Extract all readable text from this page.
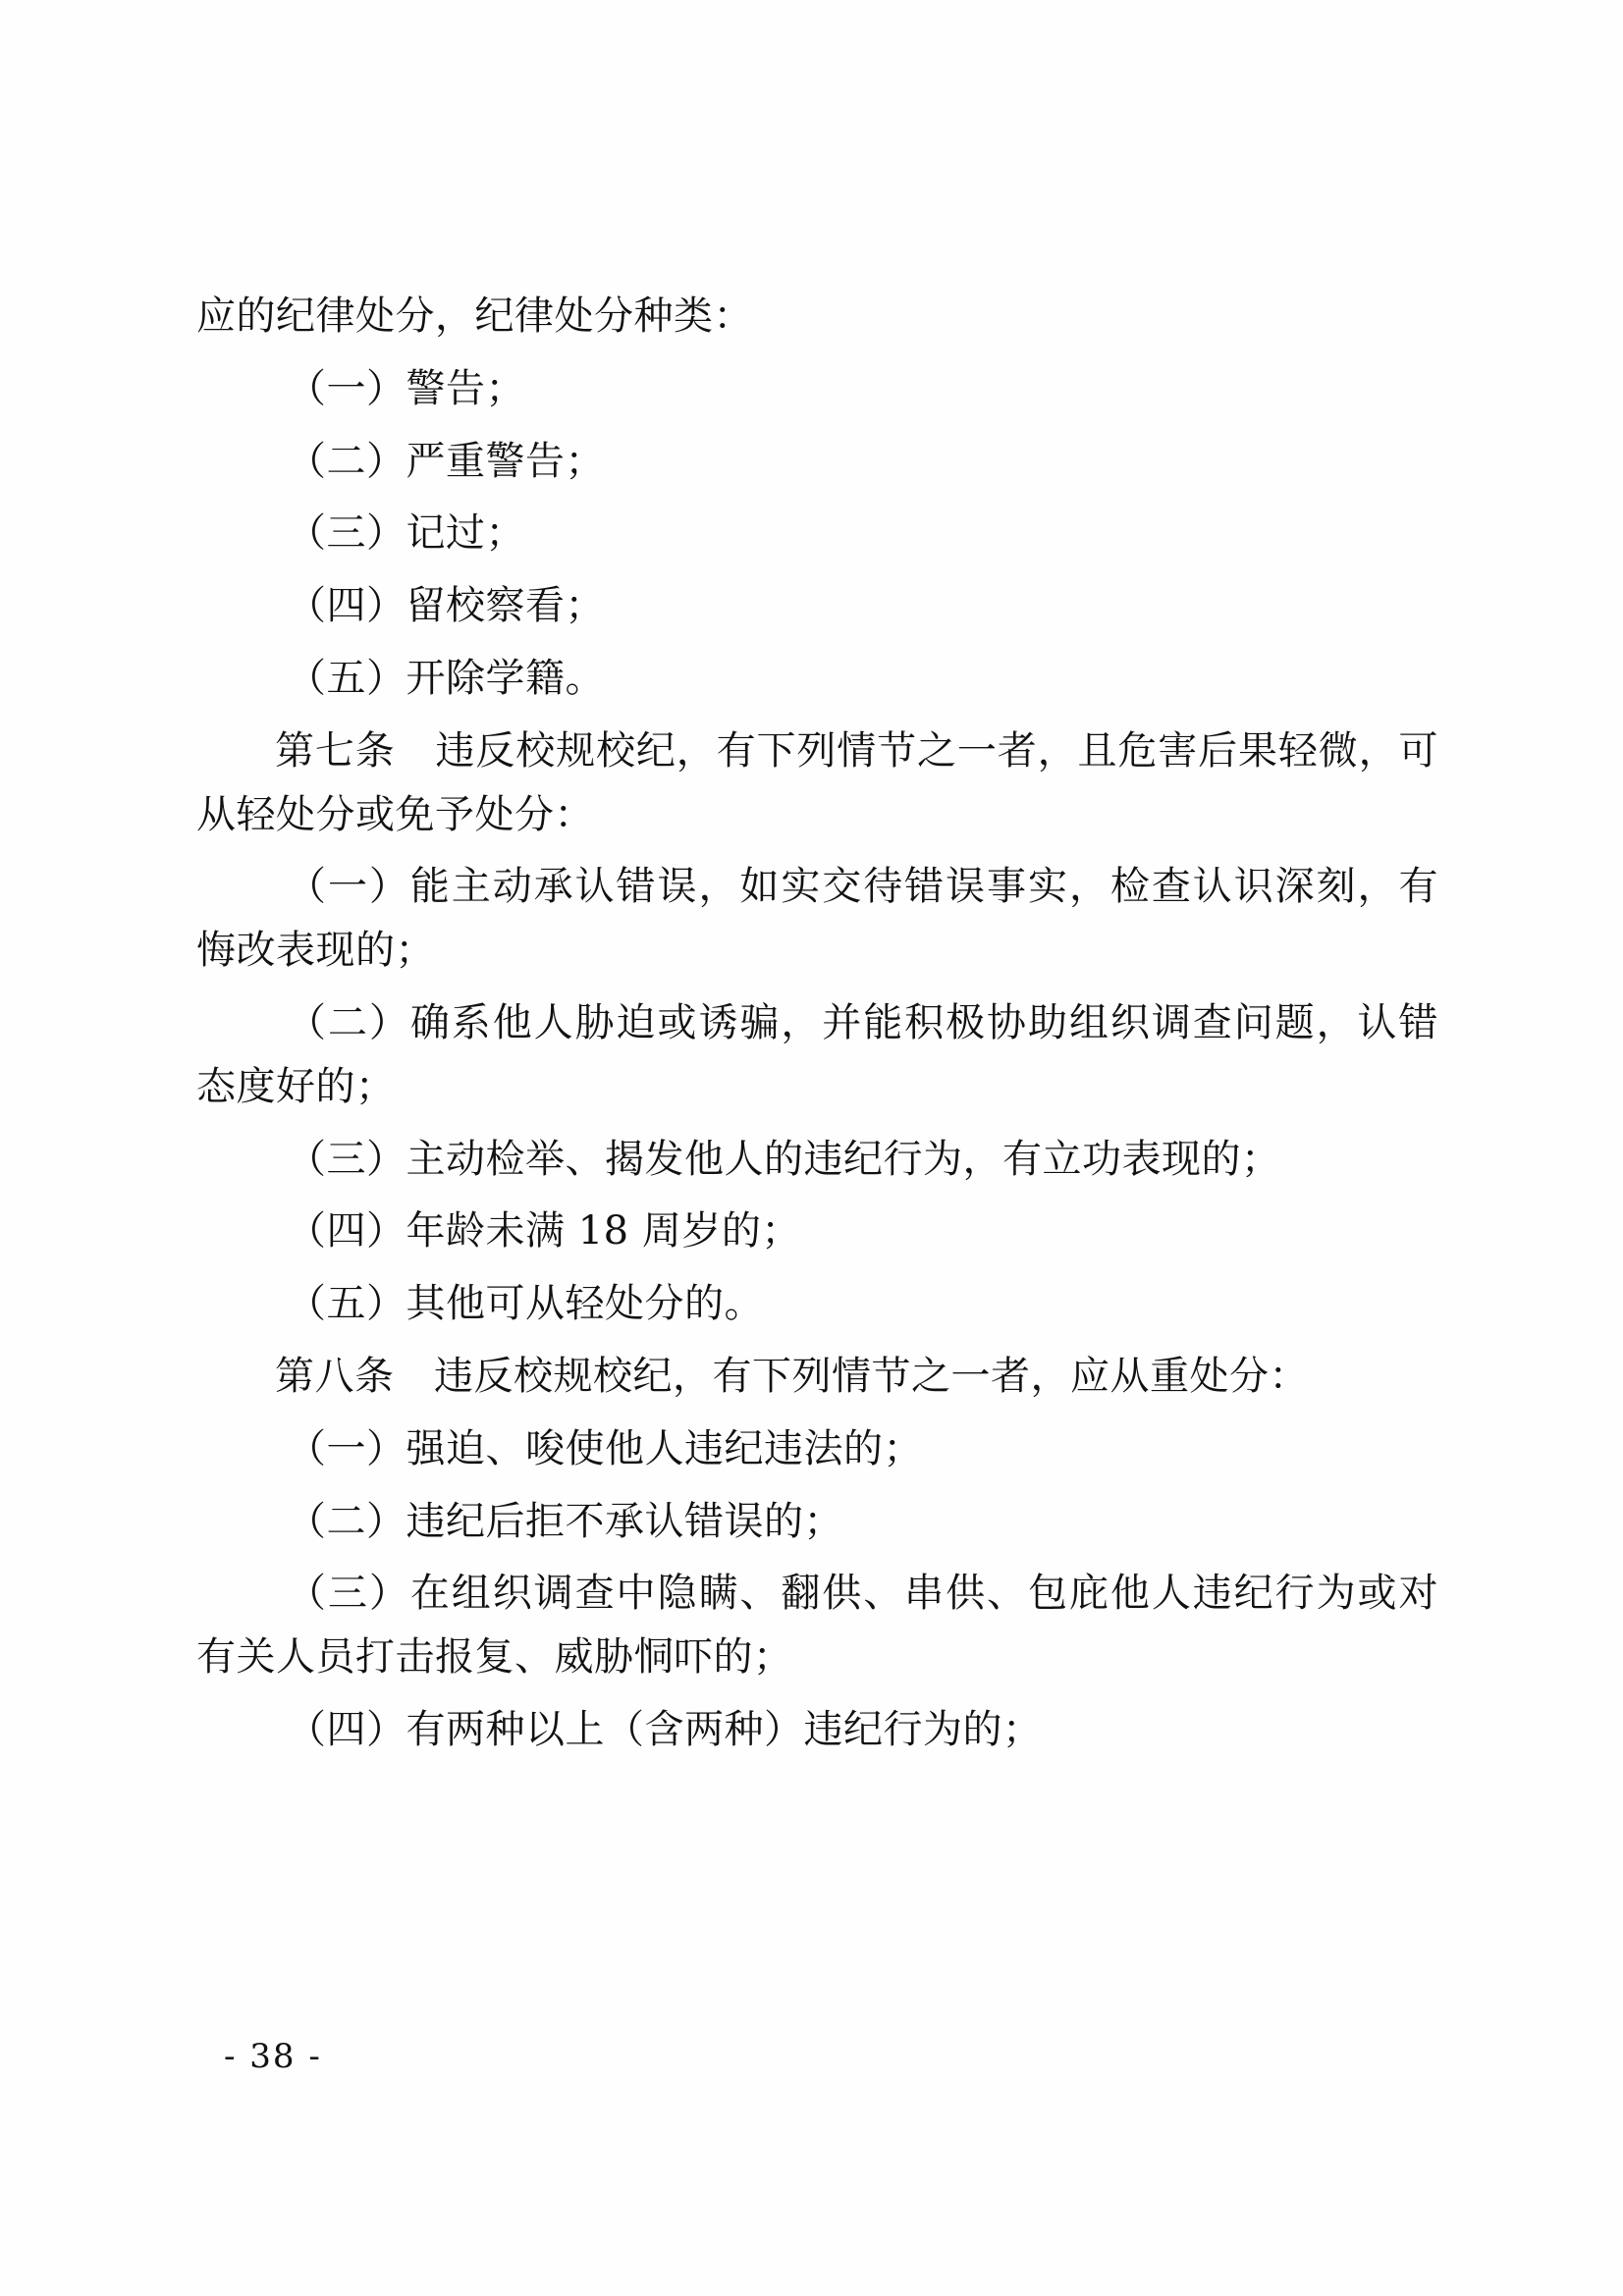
应的纪律处分，纪律处分种类：

（一）警告；

（二）严重警告；

（三）记过；

（四）留校察看；

（五）开除学籍。

第七条　违反校规校纪，有下列情节之一者，且危害后果轻微，可从轻处分或免予处分：

（一）能主动承认错误，如实交待错误事实，检查认识深刻，有悔改表现的；

（二）确系他人胁迫或诱骗，并能积极协助组织调查问题，认错态度好的；

（三）主动检举、揭发他人的违纪行为，有立功表现的；

（四）年龄未满 18 周岁的；

（五）其他可从轻处分的。

第八条　违反校规校纪，有下列情节之一者，应从重处分：

（一）强迫、唆使他人违纪违法的；

（二）违纪后拒不承认错误的；

（三）在组织调查中隐瞒、翻供、串供、包庇他人违纪行为或对有关人员打击报复、威胁恫吓的；

（四）有两种以上（含两种）违纪行为的；

- 38 -
